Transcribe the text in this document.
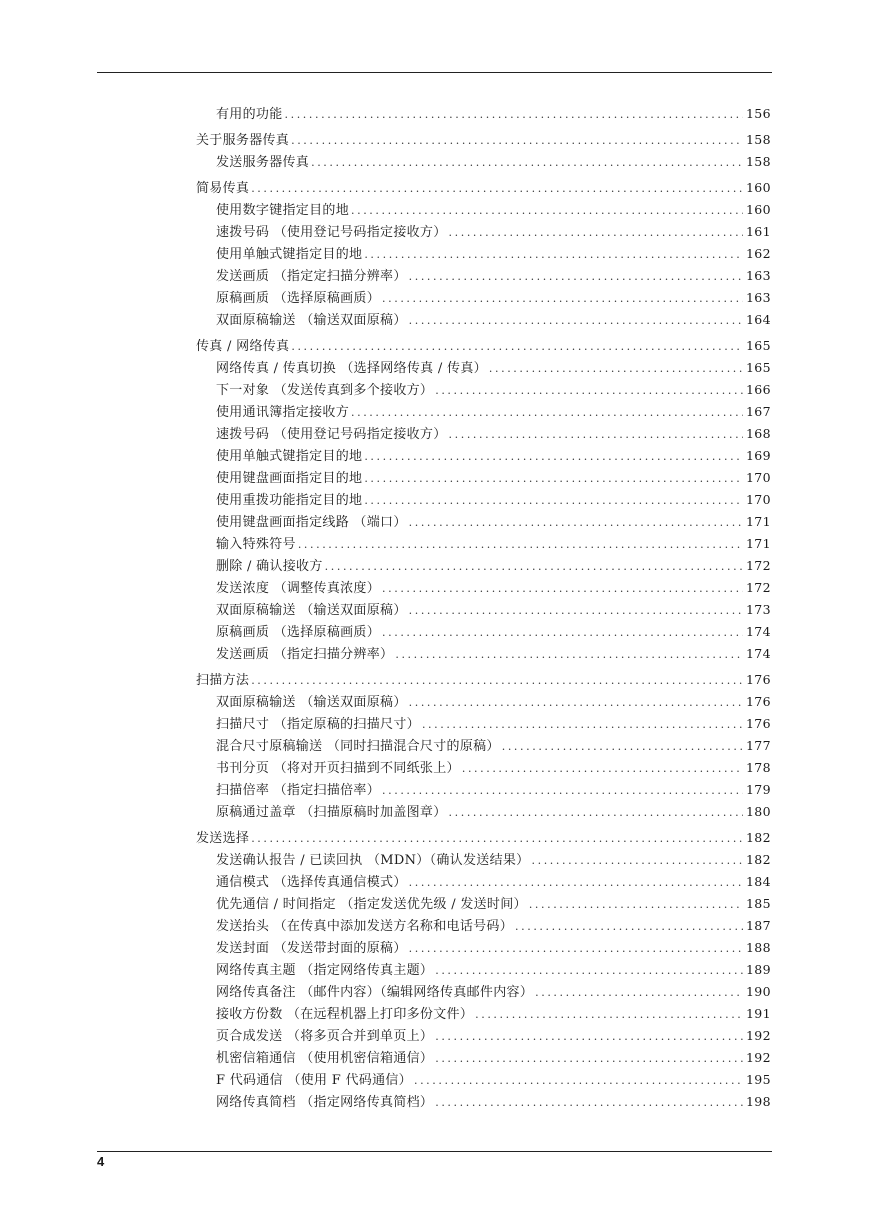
有用的功能 .....	156
关于服务器传真 .....	158
发送服务器传真 .....	158
简易传真 .....	160
使用数字键指定目的地 .....	160
速拨号码 （使用登记号码指定接收方） .....	161
使用单触式键指定目的地 .....	162
发送画质 （指定定扫描分辨率） .....	163
原稿画质 （选择原稿画质） .....	163
双面原稿输送 （输送双面原稿） .....	164
传真 / 网络传真 .....	165
网络传真 / 传真切换 （选择网络传真 / 传真） .....	165
下一对象 （发送传真到多个接收方） .....	166
使用通讯簿指定接收方 .....	167
速拨号码 （使用登记号码指定接收方） .....	168
使用单触式键指定目的地 .....	169
使用键盘画面指定目的地 .....	170
使用重拨功能指定目的地 .....	170
使用键盘画面指定线路 （端口） .....	171
输入特殊符号 .....	171
删除 / 确认接收方 .....	172
发送浓度 （调整传真浓度） .....	172
双面原稿输送 （输送双面原稿） .....	173
原稿画质 （选择原稿画质） .....	174
发送画质 （指定扫描分辨率） .....	174
扫描方法 .....	176
双面原稿输送 （输送双面原稿） .....	176
扫描尺寸 （指定原稿的扫描尺寸） .....	176
混合尺寸原稿输送 （同时扫描混合尺寸的原稿） .....	177
书刊分页 （将对开页扫描到不同纸张上） .....	178
扫描倍率 （指定扫描倍率） .....	179
原稿通过盖章 （扫描原稿时加盖图章） .....	180
发送选择 .....	182
发送确认报告 / 已读回执 （MDN）（确认发送结果） .....	182
通信模式 （选择传真通信模式） .....	184
优先通信 / 时间指定 （指定发送优先级 / 发送时间） .....	185
发送抬头 （在传真中添加发送方名称和电话号码） .....	187
发送封面 （发送带封面的原稿） .....	188
网络传真主题 （指定网络传真主题） .....	189
网络传真备注 （邮件内容）（编辑网络传真邮件内容） .....	190
接收方份数 （在远程机器上打印多份文件） .....	191
页合成发送 （将多页合并到单页上） .....	192
机密信箱通信 （使用机密信箱通信） .....	192
F 代码通信 （使用 F 代码通信） .....	195
网络传真简档 （指定网络传真简档） .....	198
4
